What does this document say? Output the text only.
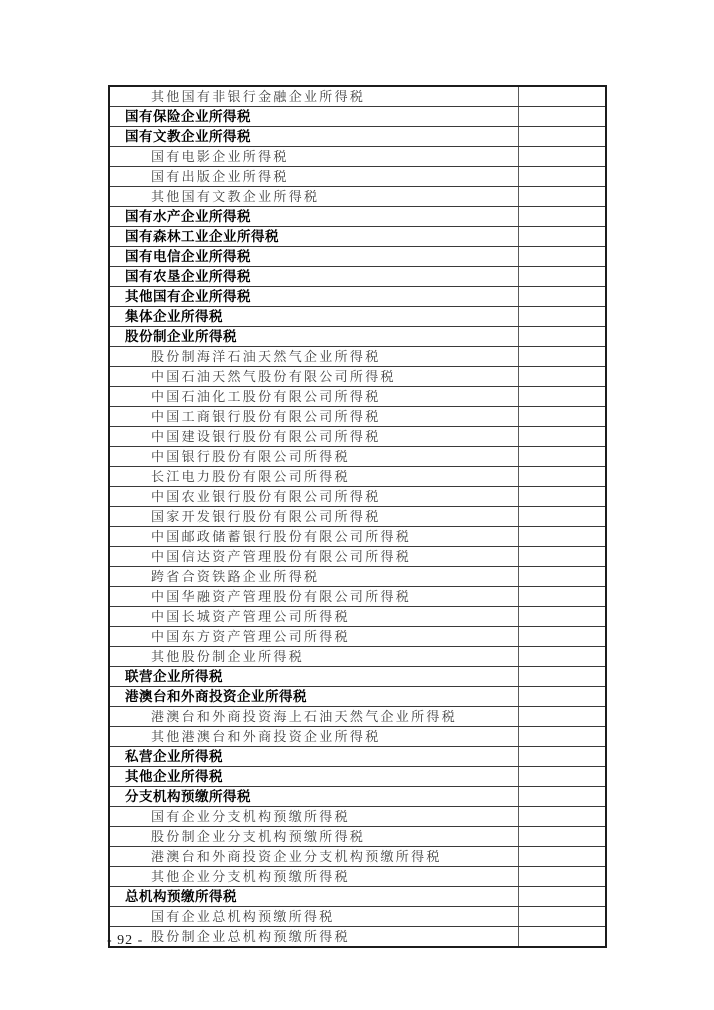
其他国有非银行金融企业所得税	
国有保险企业所得税	
国有文教企业所得税	
国有电影企业所得税	
国有出版企业所得税	
其他国有文教企业所得税	
国有水产企业所得税	
国有森林工业企业所得税	
国有电信企业所得税	
国有农垦企业所得税	
其他国有企业所得税	
集体企业所得税	
股份制企业所得税	
股份制海洋石油天然气企业所得税	
中国石油天然气股份有限公司所得税	
中国石油化工股份有限公司所得税	
中国工商银行股份有限公司所得税	
中国建设银行股份有限公司所得税	
中国银行股份有限公司所得税	
长江电力股份有限公司所得税	
中国农业银行股份有限公司所得税	
国家开发银行股份有限公司所得税	
中国邮政储蓄银行股份有限公司所得税	
中国信达资产管理股份有限公司所得税	
跨省合资铁路企业所得税	
中国华融资产管理股份有限公司所得税	
中国长城资产管理公司所得税	
中国东方资产管理公司所得税	
其他股份制企业所得税	
联营企业所得税	
港澳台和外商投资企业所得税	
港澳台和外商投资海上石油天然气企业所得税	
其他港澳台和外商投资企业所得税	
私营企业所得税	
其他企业所得税	
分支机构预缴所得税	
国有企业分支机构预缴所得税	
股份制企业分支机构预缴所得税	
港澳台和外商投资企业分支机构预缴所得税	
其他企业分支机构预缴所得税	
总机构预缴所得税	
国有企业总机构预缴所得税	
股份制企业总机构预缴所得税	
- 92 -
